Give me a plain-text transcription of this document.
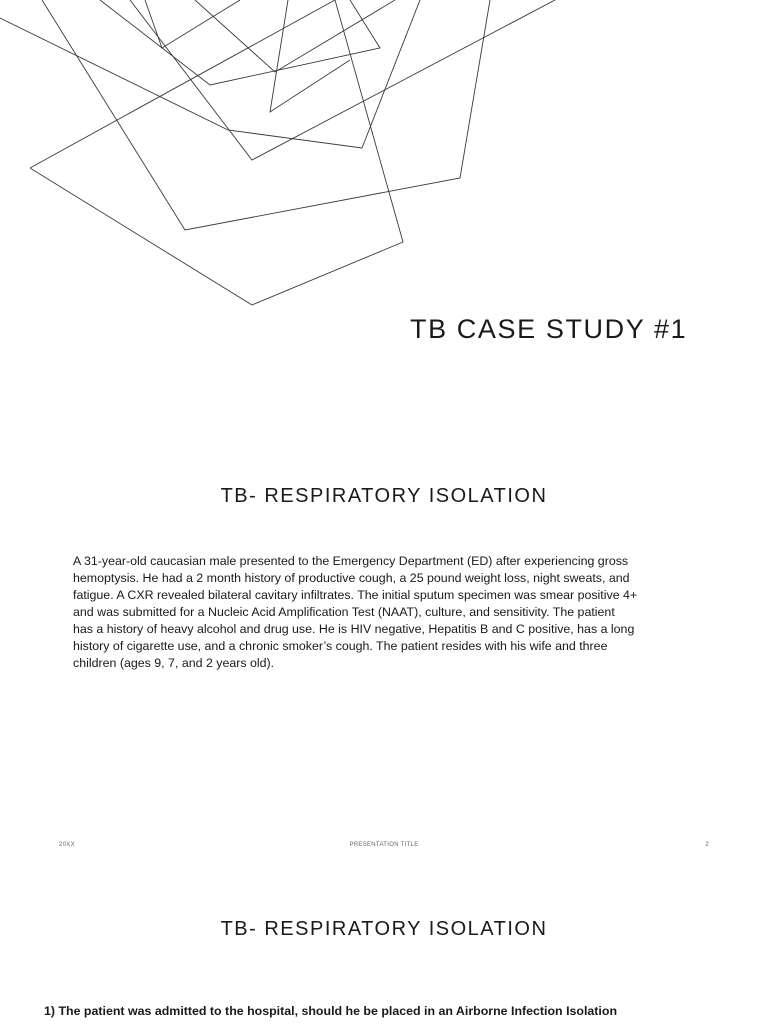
TB CASE STUDY #1
TB- RESPIRATORY ISOLATION

A 31-year-old caucasian male presented to the Emergency Department (ED) after experiencing gross hemoptysis. He had a 2 month history of productive cough, a 25 pound weight loss, night sweats, and fatigue. A CXR revealed bilateral cavitary infiltrates. The initial sputum specimen was smear positive 4+ and was submitted for a Nucleic Acid Amplification Test (NAAT), culture, and sensitivity. The patient has a history of heavy alcohol and drug use. He is HIV negative, Hepatitis B and C positive, has a long history of cigarette use, and a chronic smoker’s cough. The patient resides with his wife and three children (ages 9, 7, and 2 years old).

20XX	PRESENTATION TITLE	2
TB- RESPIRATORY ISOLATION

1) The patient was admitted to the hospital, should he be placed in an Airborne Infection Isolation
